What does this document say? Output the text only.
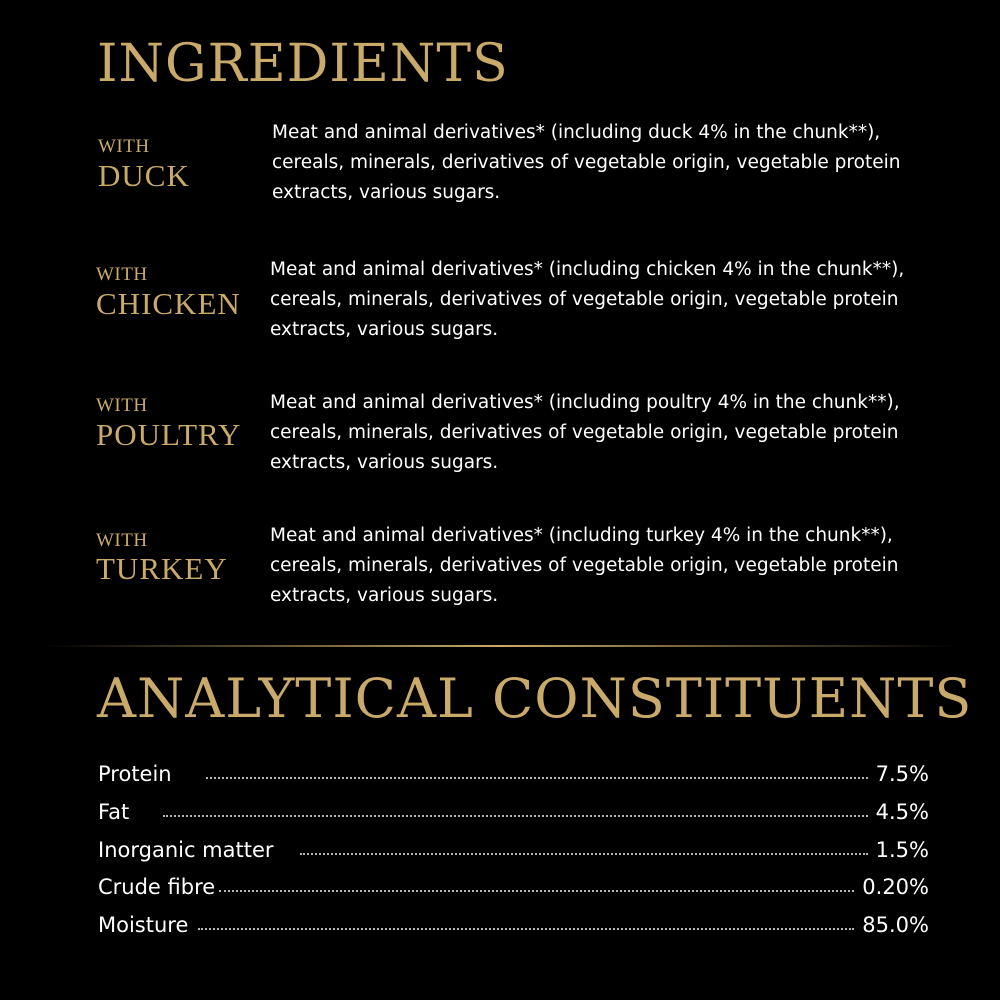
INGREDIENTS
WITH
DUCK
Meat and animal derivatives* (including duck 4% in the chunk**),
cereals, minerals, derivatives of vegetable origin, vegetable protein
extracts, various sugars.
WITH
CHICKEN
Meat and animal derivatives* (including chicken 4% in the chunk**),
cereals, minerals, derivatives of vegetable origin, vegetable protein
extracts, various sugars.
WITH
POULTRY
Meat and animal derivatives* (including poultry 4% in the chunk**),
cereals, minerals, derivatives of vegetable origin, vegetable protein
extracts, various sugars.
WITH
TURKEY
Meat and animal derivatives* (including turkey 4% in the chunk**),
cereals, minerals, derivatives of vegetable origin, vegetable protein
extracts, various sugars.
ANALYTICAL CONSTITUENTS
Protein	7.5%
Fat	4.5%
Inorganic matter	1.5%
Crude fibre	0.20%
Moisture	85.0%
